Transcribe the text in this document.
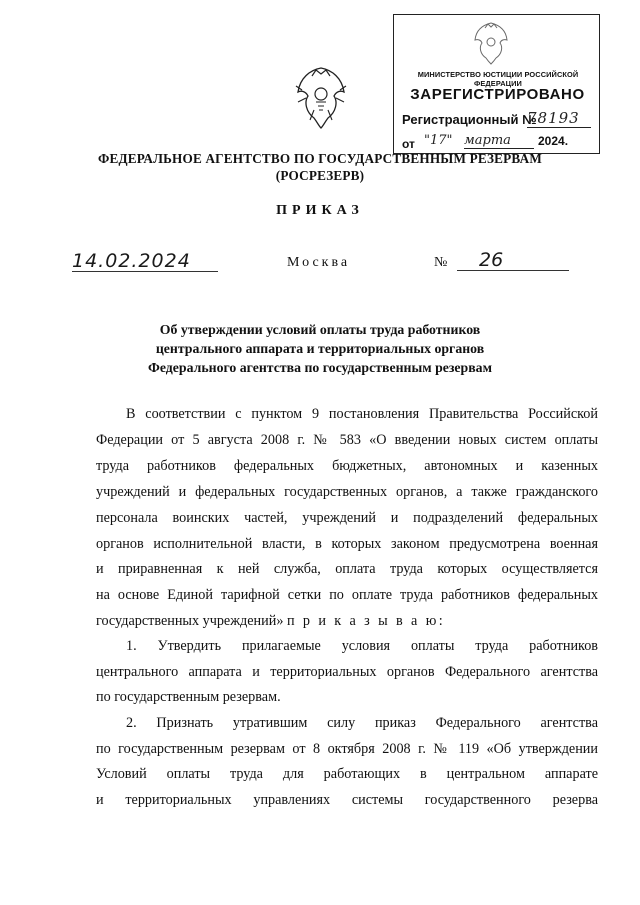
МИНИСТЕРСТВО ЮСТИЦИИ РОССИЙСКОЙ ФЕДЕРАЦИИ
ЗАРЕГИСТРИРОВАНО
Регистрационный №
78193
от "17" марта	2024.
ФЕДЕРАЛЬНОЕ АГЕНТСТВО ПО ГОСУДАРСТВЕННЫМ РЕЗЕРВАМ
(РОСРЕЗЕРВ)
ПРИКАЗ
14.02.2024	Москва	№	26
Об утверждении условий оплаты труда работников
центрального аппарата и территориальных органов
Федерального агентства по государственным резервам
В соответствии с пунктом 9 постановления Правительства Российской
Федерации от 5 августа 2008 г. № 583 «О введении новых систем оплаты
труда работников федеральных бюджетных, автономных и казенных
учреждений и федеральных государственных органов, а также гражданского
персонала воинских частей, учреждений и подразделений федеральных
органов исполнительной власти, в которых законом предусмотрена военная
и приравненная к ней служба, оплата труда которых осуществляется
на основе Единой тарифной сетки по оплате труда работников федеральных
государственных учреждений» п р и к а з ы в а ю:
1. Утвердить прилагаемые условия оплаты труда работников
центрального аппарата и территориальных органов Федерального агентства
по государственным резервам.
2. Признать утратившим силу приказ Федерального агентства
по государственным резервам от 8 октября 2008 г. № 119 «Об утверждении
Условий оплаты труда для работающих в центральном аппарате
и территориальных управлениях системы государственного резерва
